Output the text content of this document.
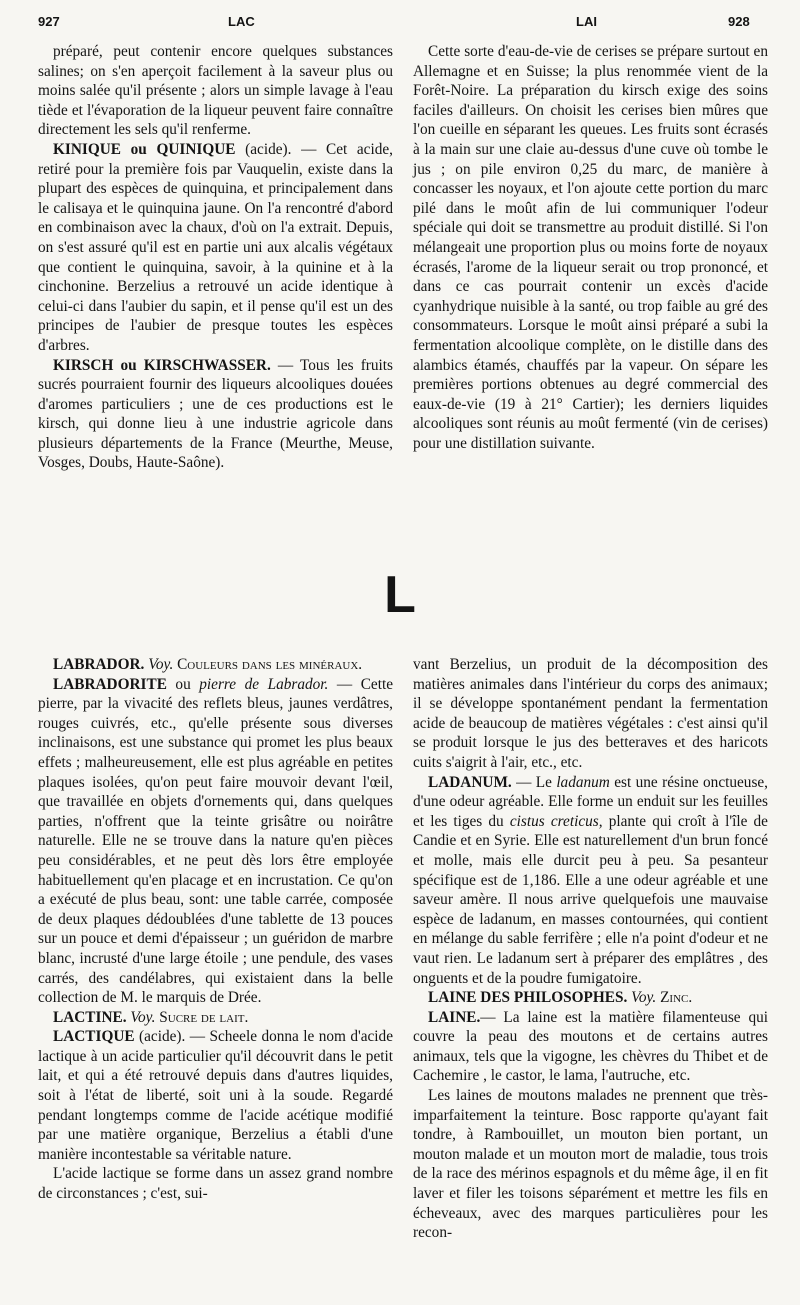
927	LAC	LAI	928

préparé, peut contenir encore quelques substances salines; on s'en aperçoit facilement à la saveur plus ou moins salée qu'il présente ; alors un simple lavage à l'eau tiède et l'évaporation de la liqueur peuvent faire connaître directement les sels qu'il renferme.

KINIQUE ou QUINIQUE (acide). — Cet acide, retiré pour la première fois par Vauquelin, existe dans la plupart des espèces de quinquina, et principalement dans le calisaya et le quinquina jaune. On l'a rencontré d'abord en combinaison avec la chaux, d'où on l'a extrait. Depuis, on s'est assuré qu'il est en partie uni aux alcalis végétaux que contient le quinquina, savoir, à la quinine et à la cinchonine. Berzelius a retrouvé un acide identique à celui-ci dans l'aubier du sapin, et il pense qu'il est un des principes de l'aubier de presque toutes les espèces d'arbres.

KIRSCH ou KIRSCHWASSER. — Tous les fruits sucrés pourraient fournir des liqueurs alcooliques douées d'aromes particuliers ; une de ces productions est le kirsch, qui donne lieu à une industrie agricole dans plusieurs départements de la France (Meurthe, Meuse, Vosges, Doubs, Haute-Saône).

Cette sorte d'eau-de-vie de cerises se prépare surtout en Allemagne et en Suisse; la plus renommée vient de la Forêt-Noire. La préparation du kirsch exige des soins faciles d'ailleurs. On choisit les cerises bien mûres que l'on cueille en séparant les queues. Les fruits sont écrasés à la main sur une claie au-dessus d'une cuve où tombe le jus ; on pile environ 0,25 du marc, de manière à concasser les noyaux, et l'on ajoute cette portion du marc pilé dans le moût afin de lui communiquer l'odeur spéciale qui doit se transmettre au produit distillé. Si l'on mélangeait une proportion plus ou moins forte de noyaux écrasés, l'arome de la liqueur serait ou trop prononcé, et dans ce cas pourrait contenir un excès d'acide cyanhydrique nuisible à la santé, ou trop faible au gré des consommateurs. Lorsque le moût ainsi préparé a subi la fermentation alcoolique complète, on le distille dans des alambics étamés, chauffés par la vapeur. On sépare les premières portions obtenues au degré commercial des eaux-de-vie (19 à 21° Cartier); les derniers liquides alcooliques sont réunis au moût fermenté (vin de cerises) pour une distillation suivante.

L

LABRADOR. Voy. Couleurs dans les minéraux.

LABRADORITE ou pierre de Labrador. — Cette pierre, par la vivacité des reflets bleus, jaunes verdâtres, rouges cuivrés, etc., qu'elle présente sous diverses inclinaisons, est une substance qui promet les plus beaux effets ; malheureusement, elle est plus agréable en petites plaques isolées, qu'on peut faire mouvoir devant l'œil, que travaillée en objets d'ornements qui, dans quelques parties, n'offrent que la teinte grisâtre ou noirâtre naturelle. Elle ne se trouve dans la nature qu'en pièces peu considérables, et ne peut dès lors être employée habituellement qu'en placage et en incrustation. Ce qu'on a exécuté de plus beau, sont: une table carrée, composée de deux plaques dédoublées d'une tablette de 13 pouces sur un pouce et demi d'épaisseur ; un guéridon de marbre blanc, incrusté d'une large étoile ; une pendule, des vases carrés, des candélabres, qui existaient dans la belle collection de M. le marquis de Drée.

LACTINE. Voy. Sucre de lait.

LACTIQUE (acide). — Scheele donna le nom d'acide lactique à un acide particulier qu'il découvrit dans le petit lait, et qui a été retrouvé depuis dans d'autres liquides, soit à l'état de liberté, soit uni à la soude. Regardé pendant longtemps comme de l'acide acétique modifié par une matière organique, Berzelius a établi d'une manière incontestable sa véritable nature.

L'acide lactique se forme dans un assez grand nombre de circonstances ; c'est, sui-

vant Berzelius, un produit de la décomposition des matières animales dans l'intérieur du corps des animaux; il se développe spontanément pendant la fermentation acide de beaucoup de matières végétales : c'est ainsi qu'il se produit lorsque le jus des betteraves et des haricots cuits s'aigrit à l'air, etc., etc.

LADANUM. — Le ladanum est une résine onctueuse, d'une odeur agréable. Elle forme un enduit sur les feuilles et les tiges du cistus creticus, plante qui croît à l'île de Candie et en Syrie. Elle est naturellement d'un brun foncé et molle, mais elle durcit peu à peu. Sa pesanteur spécifique est de 1,186. Elle a une odeur agréable et une saveur amère. Il nous arrive quelquefois une mauvaise espèce de ladanum, en masses contournées, qui contient en mélange du sable ferrifère ; elle n'a point d'odeur et ne vaut rien. Le ladanum sert à préparer des emplâtres , des onguents et de la poudre fumigatoire.

LAINE DES PHILOSOPHES. Voy. Zinc.

LAINE.— La laine est la matière filamenteuse qui couvre la peau des moutons et de certains autres animaux, tels que la vigogne, les chèvres du Thibet et de Cachemire , le castor, le lama, l'autruche, etc.

Les laines de moutons malades ne prennent que très-imparfaitement la teinture. Bosc rapporte qu'ayant fait tondre, à Rambouillet, un mouton bien portant, un mouton malade et un mouton mort de maladie, tous trois de la race des mérinos espagnols et du même âge, il en fit laver et filer les toisons séparément et mettre les fils en écheveaux, avec des marques particulières pour les recon-
